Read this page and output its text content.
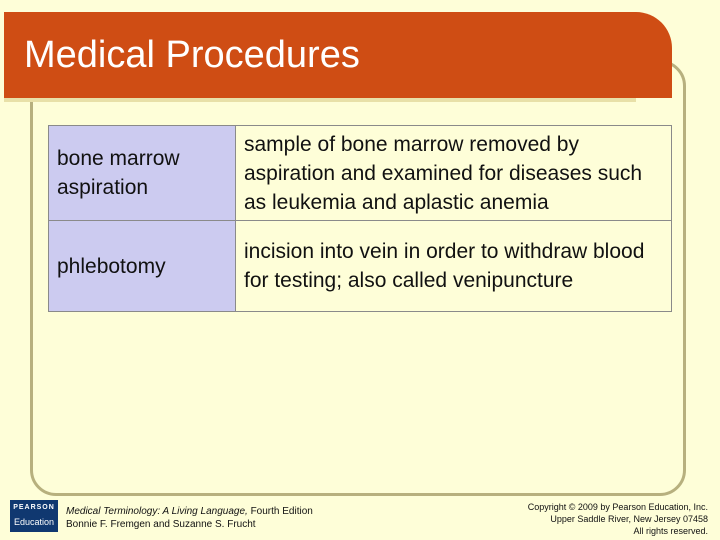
Medical Procedures
bone marrow aspiration	sample of bone marrow removed by aspiration and examined for diseases such as leukemia and aplastic anemia
phlebotomy	incision into vein in order to withdraw blood for testing; also called venipuncture
PEARSON
Education
Medical Terminology: A Living Language, Fourth Edition
Bonnie F. Fremgen and Suzanne S. Frucht
Copyright © 2009 by Pearson Education, Inc.
Upper Saddle River, New Jersey 07458
All rights reserved.
